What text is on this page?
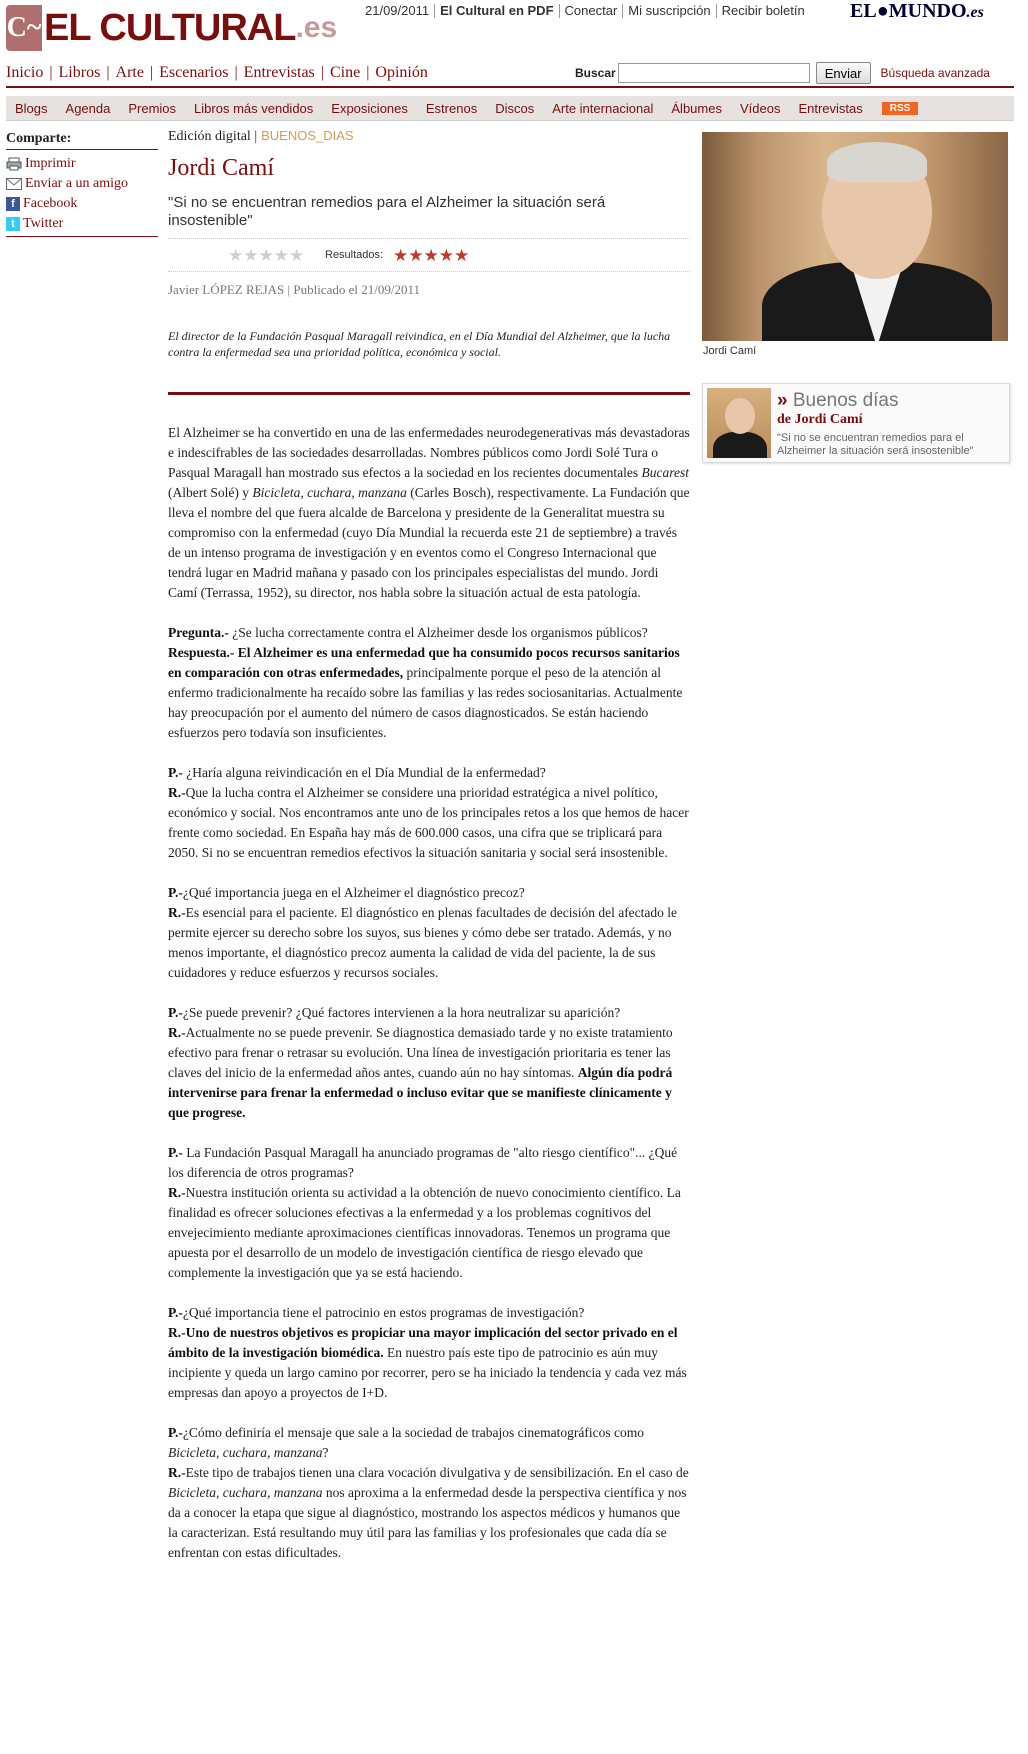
C~ EL CULTURAL .es
21/09/2011 El Cultural en PDF Conectar Mi suscripción Recibir boletín EL●MUNDO.es
Inicio | Libros | Arte | Escenarios | Entrevistas | Cine | Opinión	Buscar	Enviar	Búsqueda avanzada
Blogs	Agenda	Premios	Libros más vendidos	Exposiciones	Estrenos	Discos	Arte internacional	Álbumes	Vídeos	Entrevistas	RSS
Comparte:
Imprimir
Enviar a un amigo
f Facebook
t Twitter
Edición digital | BUENOS_DIAS
Jordi Camí
"Si no se encuentran remedios para el Alzheimer la situación será insostenible"
★ ★ ★ ★ ★ Resultados: ★ ★ ★ ★ ★
Javier LÓPEZ REJAS | Publicado el 21/09/2011
El director de la Fundación Pasqual Maragall reivindica, en el Día Mundial del Alzheimer, que la lucha contra la enfermedad sea una prioridad política, económica y social.

El Alzheimer se ha convertido en una de las enfermedades neurodegenerativas más devastadoras e indescifrables de las sociedades desarrolladas. Nombres públicos como Jordi Solé Tura o Pasqual Maragall han mostrado sus efectos a la sociedad en los recientes documentales Bucarest (Albert Solé) y Bicicleta, cuchara, manzana (Carles Bosch), respectivamente. La Fundación que lleva el nombre del que fuera alcalde de Barcelona y presidente de la Generalitat muestra su compromiso con la enfermedad (cuyo Día Mundial la recuerda este 21 de septiembre) a través de un intenso programa de investigación y en eventos como el Congreso Internacional que tendrá lugar en Madrid mañana y pasado con los principales especialistas del mundo. Jordi Camí (Terrassa, 1952), su director, nos habla sobre la situación actual de esta patología.

Pregunta.- ¿Se lucha correctamente contra el Alzheimer desde los organismos públicos?
Respuesta.- El Alzheimer es una enfermedad que ha consumido pocos recursos sanitarios en comparación con otras enfermedades, principalmente porque el peso de la atención al enfermo tradicionalmente ha recaído sobre las familias y las redes sociosanitarias. Actualmente hay preocupación por el aumento del número de casos diagnosticados. Se están haciendo esfuerzos pero todavía son insuficientes.

P.- ¿Haría alguna reivindicación en el Día Mundial de la enfermedad?
R.-Que la lucha contra el Alzheimer se considere una prioridad estratégica a nivel político, económico y social. Nos encontramos ante uno de los principales retos a los que hemos de hacer frente como sociedad. En España hay más de 600.000 casos, una cifra que se triplicará para 2050. Si no se encuentran remedios efectivos la situación sanitaria y social será insostenible.

P.-¿Qué importancia juega en el Alzheimer el diagnóstico precoz?
R.-Es esencial para el paciente. El diagnóstico en plenas facultades de decisión del afectado le permite ejercer su derecho sobre los suyos, sus bienes y cómo debe ser tratado. Además, y no menos importante, el diagnóstico precoz aumenta la calidad de vida del paciente, la de sus cuidadores y reduce esfuerzos y recursos sociales.

P.-¿Se puede prevenir? ¿Qué factores intervienen a la hora neutralizar su aparición?
R.-Actualmente no se puede prevenir. Se diagnostica demasiado tarde y no existe tratamiento efectivo para frenar o retrasar su evolución. Una línea de investigación prioritaria es tener las claves del inicio de la enfermedad años antes, cuando aún no hay síntomas. Algún día podrá intervenirse para frenar la enfermedad o incluso evitar que se manifieste clínicamente y que progrese.

P.- La Fundación Pasqual Maragall ha anunciado programas de "alto riesgo científico"... ¿Qué los diferencia de otros programas?
R.-Nuestra institución orienta su actividad a la obtención de nuevo conocimiento científico. La finalidad es ofrecer soluciones efectivas a la enfermedad y a los problemas cognitivos del envejecimiento mediante aproximaciones científicas innovadoras. Tenemos un programa que apuesta por el desarrollo de un modelo de investigación científica de riesgo elevado que complemente la investigación que ya se está haciendo.

P.-¿Qué importancia tiene el patrocinio en estos programas de investigación?
R.-Uno de nuestros objetivos es propiciar una mayor implicación del sector privado en el ámbito de la investigación biomédica. En nuestro país este tipo de patrocinio es aún muy incipiente y queda un largo camino por recorrer, pero se ha iniciado la tendencia y cada vez más empresas dan apoyo a proyectos de I+D.

P.-¿Cómo definiría el mensaje que sale a la sociedad de trabajos cinematográficos como Bicicleta, cuchara, manzana?
R.-Este tipo de trabajos tienen una clara vocación divulgativa y de sensibilización. En el caso de Bicicleta, cuchara, manzana nos aproxima a la enfermedad desde la perspectiva científica y nos da a conocer la etapa que sigue al diagnóstico, mostrando los aspectos médicos y humanos que la caracterizan. Está resultando muy útil para las familias y los profesionales que cada día se enfrentan con estas dificultades.

Jordi Camí
» Buenos días
de Jordi Camí
"Si no se encuentran remedios para el Alzheimer la situación será insostenible"
